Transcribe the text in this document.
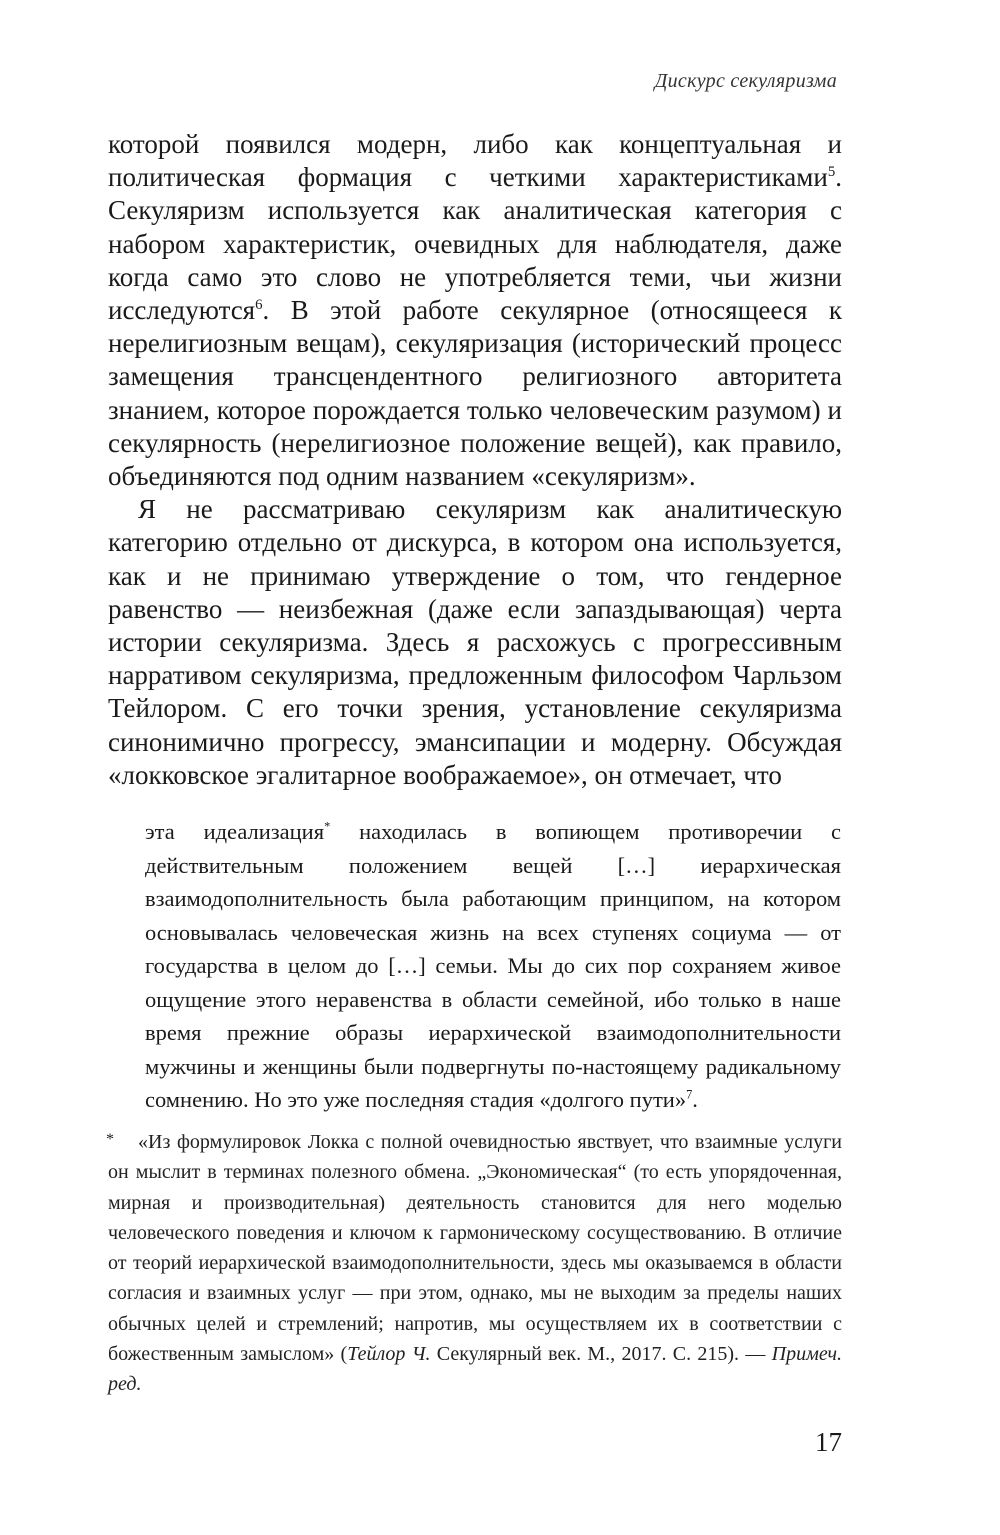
Дискурс секуляризма

которой появился модерн, либо как концептуальная и политическая формация с четкими характеристиками$^5$. Секуляризм используется как аналитическая категория с набором характеристик, очевидных для наблюдателя, даже когда само это слово не употребляется теми, чьи жизни исследуются$^6$. В этой работе секулярное (относящееся к нерелигиозным вещам), секуляризация (исторический процесс замещения трансцендентного религиозного авторитета знанием, которое порождается только человеческим разумом) и секулярность (нерелигиозное положение вещей), как правило, объединяются под одним названием «секуляризм».

Я не рассматриваю секуляризм как аналитическую категорию отдельно от дискурса, в котором она используется, как и не принимаю утверждение о том, что гендерное равенство — неизбежная (даже если запаздывающая) черта истории секуляризма. Здесь я расхожусь с прогрессивным нарративом секуляризма, предложенным философом Чарльзом Тейлором. С его точки зрения, установление секуляризма синонимично прогрессу, эмансипации и модерну. Обсуждая «локковское эгалитарное воображаемое», он отмечает, что

эта идеализация* находилась в вопиющем противоречии с действительным положением вещей […] иерархическая взаимодополнительность была работающим принципом, на котором основывалась человеческая жизнь на всех ступенях социума — от государства в целом до […] семьи. Мы до сих пор сохраняем живое ощущение этого неравенства в области семейной, ибо только в наше время прежние образы иерархической взаимодополнительности мужчины и женщины были подвергнуты по-настоящему радикальному сомнению. Но это уже последняя стадия «долгого пути»$^7$.

*	«Из формулировок Локка с полной очевидностью явствует, что взаимные услуги он мыслит в терминах полезного обмена. „Экономическая“ (то есть упорядоченная, мирная и производительная) деятельность становится для него моделью человеческого поведения и ключом к гармоническому сосуществованию. В отличие от теорий иерархической взаимодополнительности, здесь мы оказываемся в области согласия и взаимных услуг — при этом, однако, мы не выходим за пределы наших обычных целей и стремлений; напротив, мы осуществляем их в соответствии с божественным замыслом» (Тейлор Ч. Секулярный век. М., 2017. С. 215). — Примеч. ред.

17
